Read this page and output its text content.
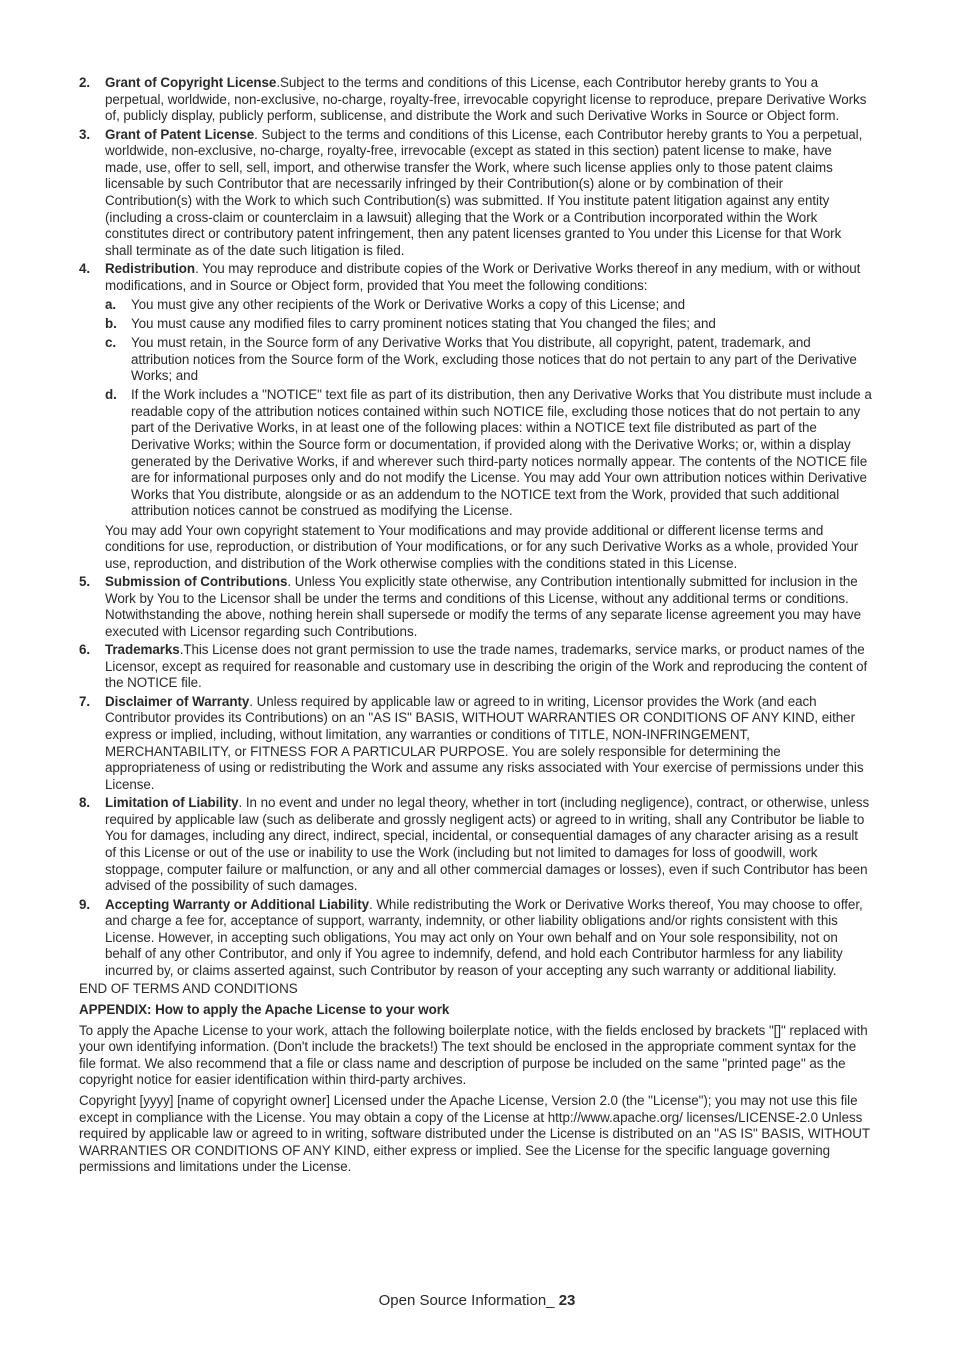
2. Grant of Copyright License.Subject to the terms and conditions of this License, each Contributor hereby grants to You a perpetual, worldwide, non-exclusive, no-charge, royalty-free, irrevocable copyright license to reproduce, prepare Derivative Works of, publicly display, publicly perform, sublicense, and distribute the Work and such Derivative Works in Source or Object form.
3. Grant of Patent License. Subject to the terms and conditions of this License, each Contributor hereby grants to You a perpetual, worldwide, non-exclusive, no-charge, royalty-free, irrevocable (except as stated in this section) patent license to make, have made, use, offer to sell, sell, import, and otherwise transfer the Work, where such license applies only to those patent claims licensable by such Contributor that are necessarily infringed by their Contribution(s) alone or by combination of their Contribution(s) with the Work to which such Contribution(s) was submitted. If You institute patent litigation against any entity (including a cross-claim or counterclaim in a lawsuit) alleging that the Work or a Contribution incorporated within the Work constitutes direct or contributory patent infringement, then any patent licenses granted to You under this License for that Work shall terminate as of the date such litigation is filed.
4. Redistribution. You may reproduce and distribute copies of the Work or Derivative Works thereof in any medium, with or without modifications, and in Source or Object form, provided that You meet the following conditions:
a. You must give any other recipients of the Work or Derivative Works a copy of this License; and
b. You must cause any modified files to carry prominent notices stating that You changed the files; and
c. You must retain, in the Source form of any Derivative Works that You distribute, all copyright, patent, trademark, and attribution notices from the Source form of the Work, excluding those notices that do not pertain to any part of the Derivative Works; and
d. If the Work includes a "NOTICE" text file as part of its distribution, then any Derivative Works that You distribute must include a readable copy of the attribution notices contained within such NOTICE file, excluding those notices that do not pertain to any part of the Derivative Works, in at least one of the following places: within a NOTICE text file distributed as part of the Derivative Works; within the Source form or documentation, if provided along with the Derivative Works; or, within a display generated by the Derivative Works, if and wherever such third-party notices normally appear. The contents of the NOTICE file are for informational purposes only and do not modify the License. You may add Your own attribution notices within Derivative Works that You distribute, alongside or as an addendum to the NOTICE text from the Work, provided that such additional attribution notices cannot be construed as modifying the License.
You may add Your own copyright statement to Your modifications and may provide additional or different license terms and conditions for use, reproduction, or distribution of Your modifications, or for any such Derivative Works as a whole, provided Your use, reproduction, and distribution of the Work otherwise complies with the conditions stated in this License.
5. Submission of Contributions. Unless You explicitly state otherwise, any Contribution intentionally submitted for inclusion in the Work by You to the Licensor shall be under the terms and conditions of this License, without any additional terms or conditions. Notwithstanding the above, nothing herein shall supersede or modify the terms of any separate license agreement you may have executed with Licensor regarding such Contributions.
6. Trademarks.This License does not grant permission to use the trade names, trademarks, service marks, or product names of the Licensor, except as required for reasonable and customary use in describing the origin of the Work and reproducing the content of the NOTICE file.
7. Disclaimer of Warranty. Unless required by applicable law or agreed to in writing, Licensor provides the Work (and each Contributor provides its Contributions) on an "AS IS" BASIS, WITHOUT WARRANTIES OR CONDITIONS OF ANY KIND, either express or implied, including, without limitation, any warranties or conditions of TITLE, NON-INFRINGEMENT, MERCHANTABILITY, or FITNESS FOR A PARTICULAR PURPOSE. You are solely responsible for determining the appropriateness of using or redistributing the Work and assume any risks associated with Your exercise of permissions under this License.
8. Limitation of Liability. In no event and under no legal theory, whether in tort (including negligence), contract, or otherwise, unless required by applicable law (such as deliberate and grossly negligent acts) or agreed to in writing, shall any Contributor be liable to You for damages, including any direct, indirect, special, incidental, or consequential damages of any character arising as a result of this License or out of the use or inability to use the Work (including but not limited to damages for loss of goodwill, work stoppage, computer failure or malfunction, or any and all other commercial damages or losses), even if such Contributor has been advised of the possibility of such damages.
9. Accepting Warranty or Additional Liability. While redistributing the Work or Derivative Works thereof, You may choose to offer, and charge a fee for, acceptance of support, warranty, indemnity, or other liability obligations and/or rights consistent with this License. However, in accepting such obligations, You may act only on Your own behalf and on Your sole responsibility, not on behalf of any other Contributor, and only if You agree to indemnify, defend, and hold each Contributor harmless for any liability incurred by, or claims asserted against, such Contributor by reason of your accepting any such warranty or additional liability.
END OF TERMS AND CONDITIONS
APPENDIX: How to apply the Apache License to your work
To apply the Apache License to your work, attach the following boilerplate notice, with the fields enclosed by brackets "[]" replaced with your own identifying information. (Don't include the brackets!) The text should be enclosed in the appropriate comment syntax for the file format. We also recommend that a file or class name and description of purpose be included on the same "printed page" as the copyright notice for easier identification within third-party archives.
Copyright [yyyy] [name of copyright owner] Licensed under the Apache License, Version 2.0 (the "License"); you may not use this file except in compliance with the License. You may obtain a copy of the License at http://www.apache.org/ licenses/LICENSE-2.0 Unless required by applicable law or agreed to in writing, software distributed under the License is distributed on an "AS IS" BASIS, WITHOUT WARRANTIES OR CONDITIONS OF ANY KIND, either express or implied. See the License for the specific language governing permissions and limitations under the License.
Open Source Information_ 23
